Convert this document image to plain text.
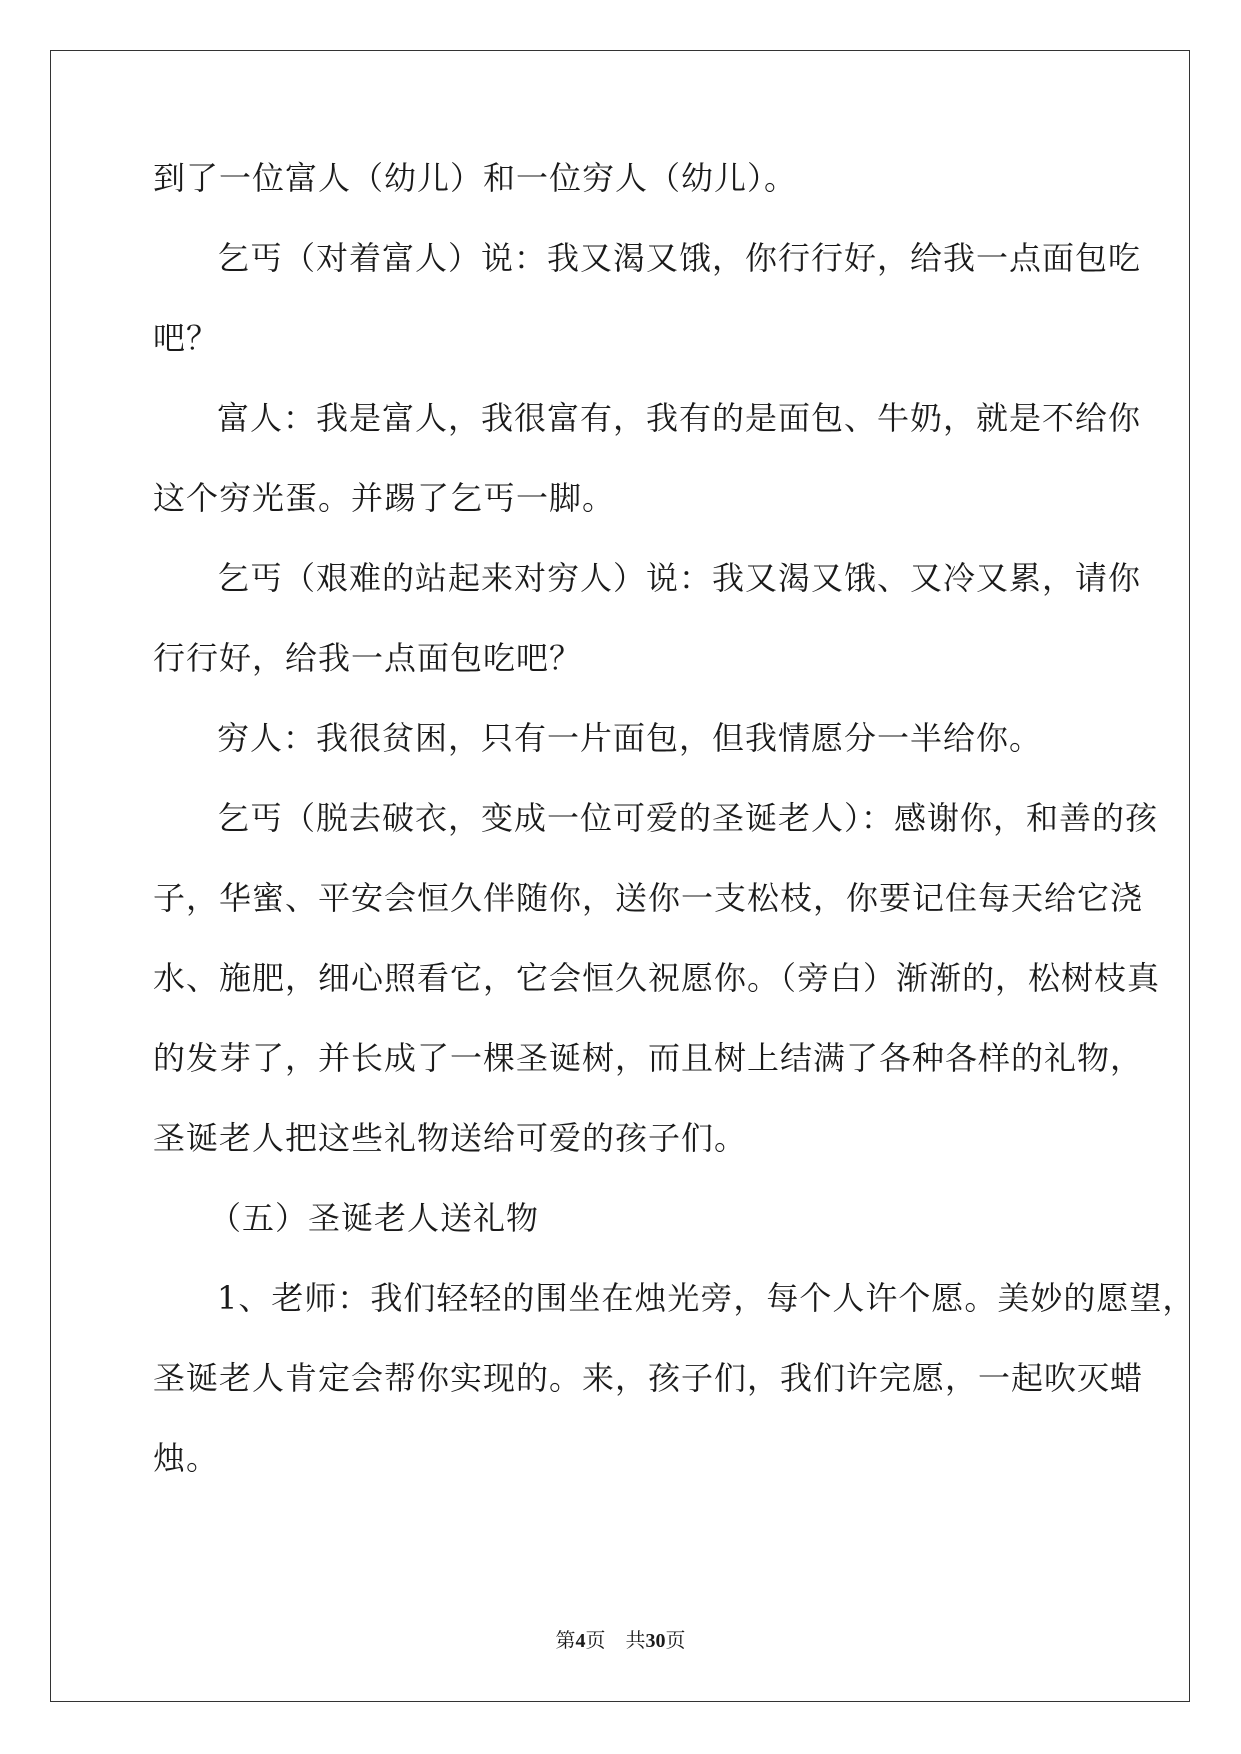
到了一位富人（幼儿）和一位穷人（幼儿）。
乞丐（对着富人）说：我又渴又饿，你行行好，给我一点面包吃
吧？
富人：我是富人，我很富有，我有的是面包、牛奶，就是不给你
这个穷光蛋。并踢了乞丐一脚。
乞丐（艰难的站起来对穷人）说：我又渴又饿、又冷又累，请你
行行好，给我一点面包吃吧？
穷人：我很贫困，只有一片面包，但我情愿分一半给你。
乞丐（脱去破衣，变成一位可爱的圣诞老人）：感谢你，和善的孩
子，华蜜、平安会恒久伴随你，送你一支松枝，你要记住每天给它浇
水、施肥，细心照看它，它会恒久祝愿你。（旁白）渐渐的，松树枝真
的发芽了，并长成了一棵圣诞树，而且树上结满了各种各样的礼物，
圣诞老人把这些礼物送给可爱的孩子们。
（五）圣诞老人送礼物
1、老师：我们轻轻的围坐在烛光旁，每个人许个愿。美妙的愿望，
圣诞老人肯定会帮你实现的。来，孩子们，我们许完愿，一起吹灭蜡
烛。
第4页　共30页
